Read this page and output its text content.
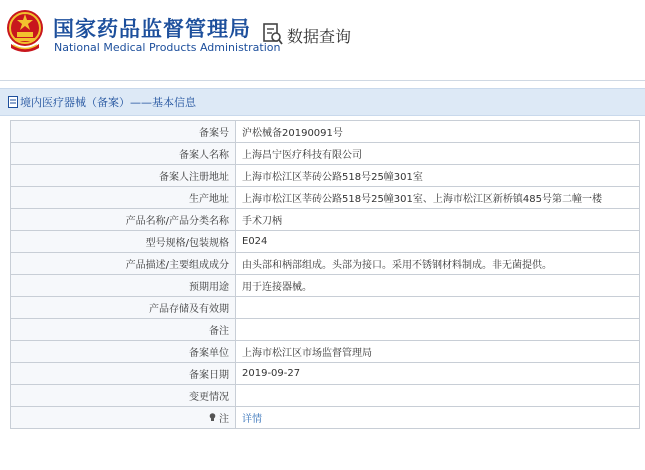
国家药品监督管理局
National Medical Products Administration
数据查询
境内医疗器械（备案）——基本信息
备案号	沪松械备20190091号
备案人名称	上海昌宁医疗科技有限公司
备案人注册地址	上海市松江区莘砖公路518号25幢301室
生产地址	上海市松江区莘砖公路518号25幢301室、上海市松江区新桥镇485号第二幢一楼
产品名称/产品分类名称	手术刀柄
型号规格/包装规格	E024
产品描述/主要组成成分	由头部和柄部组成。头部为接口。采用不锈钢材料制成。非无菌提供。
预期用途	用于连接器械。
产品存储及有效期	
备注	
备案单位	上海市松江区市场监督管理局
备案日期	2019-09-27
变更情况	

注	详情
